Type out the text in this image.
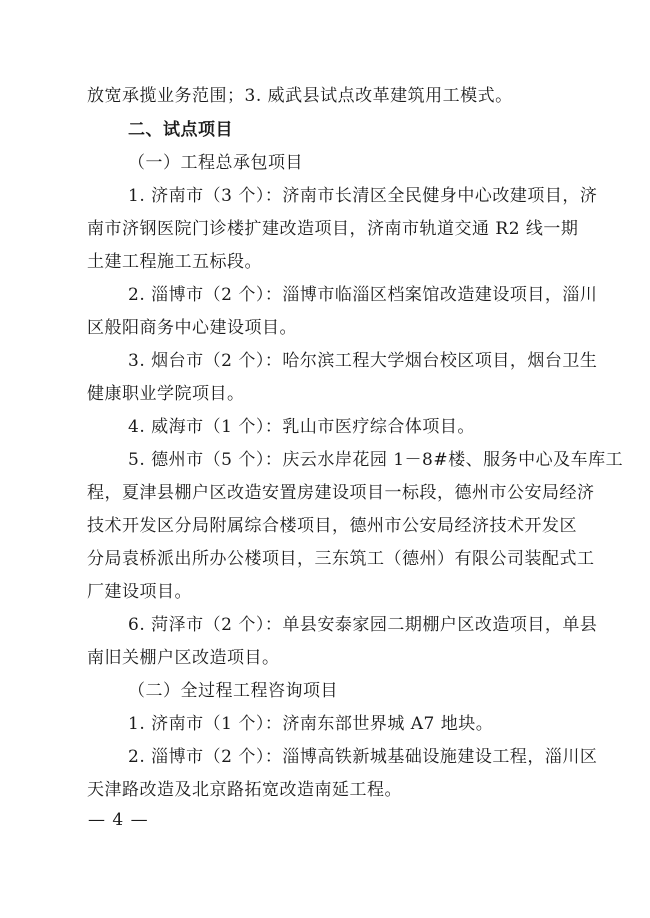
放宽承揽业务范围；3. 威武县试点改革建筑用工模式。
二、试点项目
（一）工程总承包项目
1. 济南市（3 个）：济南市长清区全民健身中心改建项目，济
南市济钢医院门诊楼扩建改造项目，济南市轨道交通 R2 线一期
土建工程施工五标段。
2. 淄博市（2 个）：淄博市临淄区档案馆改造建设项目，淄川
区般阳商务中心建设项目。
3. 烟台市（2 个）：哈尔滨工程大学烟台校区项目，烟台卫生
健康职业学院项目。
4. 威海市（1 个）：乳山市医疗综合体项目。
5. 德州市（5 个）：庆云水岸花园 1－8#楼、服务中心及车库工
程，夏津县棚户区改造安置房建设项目一标段，德州市公安局经济
技术开发区分局附属综合楼项目，德州市公安局经济技术开发区
分局袁桥派出所办公楼项目，三东筑工（德州）有限公司装配式工
厂建设项目。
6. 菏泽市（2 个）：单县安泰家园二期棚户区改造项目，单县
南旧关棚户区改造项目。
（二）全过程工程咨询项目
1. 济南市（1 个）：济南东部世界城 A7 地块。
2. 淄博市（2 个）：淄博高铁新城基础设施建设工程，淄川区
天津路改造及北京路拓宽改造南延工程。
— 4 —
